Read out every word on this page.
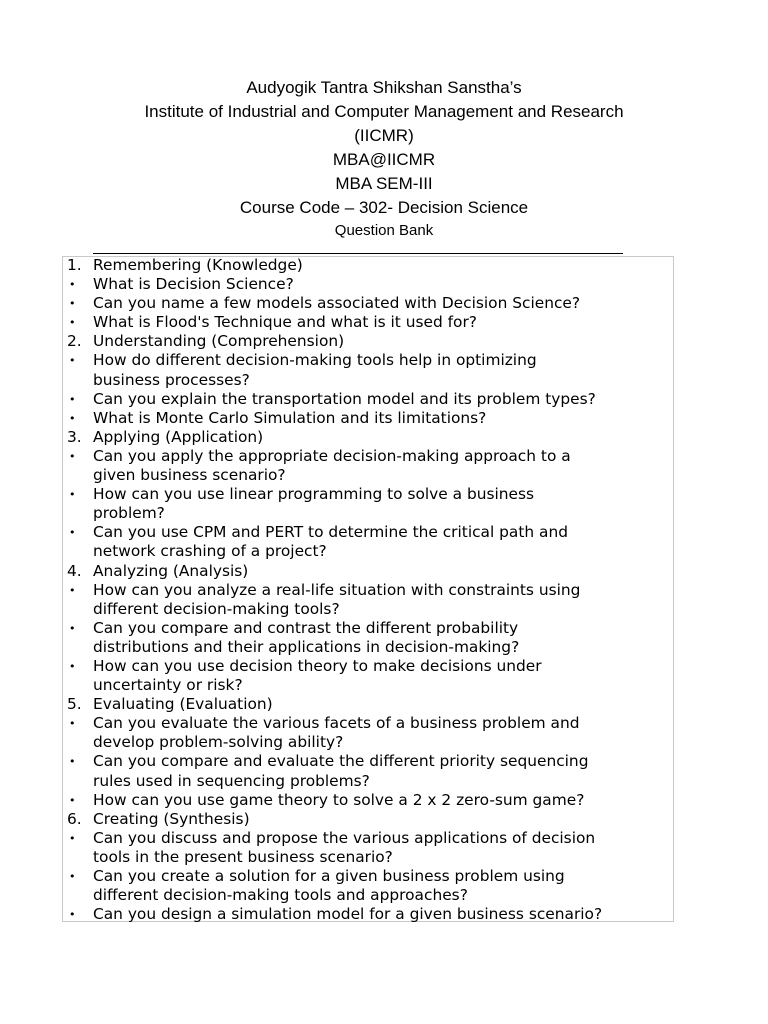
Audyogik Tantra Shikshan Sanstha’s
Institute of Industrial and Computer Management and Research
(IICMR)
MBA@IICMR
MBA SEM-III
Course Code – 302- Decision Science
Question Bank
1. Remembering (Knowledge)
•	What is Decision Science?
•	Can you name a few models associated with Decision Science?
•	What is Flood's Technique and what is it used for?
2. Understanding (Comprehension)
•	How do different decision-making tools help in optimizing
business processes?
•	Can you explain the transportation model and its problem types?
•	What is Monte Carlo Simulation and its limitations?
3. Applying (Application)
•	Can you apply the appropriate decision-making approach to a
given business scenario?
•	How can you use linear programming to solve a business
problem?
•	Can you use CPM and PERT to determine the critical path and
network crashing of a project?
4. Analyzing (Analysis)
•	How can you analyze a real-life situation with constraints using
different decision-making tools?
•	Can you compare and contrast the different probability
distributions and their applications in decision-making?
•	How can you use decision theory to make decisions under
uncertainty or risk?
5. Evaluating (Evaluation)
•	Can you evaluate the various facets of a business problem and
develop problem-solving ability?
•	Can you compare and evaluate the different priority sequencing
rules used in sequencing problems?
•	How can you use game theory to solve a 2 x 2 zero-sum game?
6. Creating (Synthesis)
•	Can you discuss and propose the various applications of decision
tools in the present business scenario?
•	Can you create a solution for a given business problem using
different decision-making tools and approaches?
•	Can you design a simulation model for a given business scenario?
